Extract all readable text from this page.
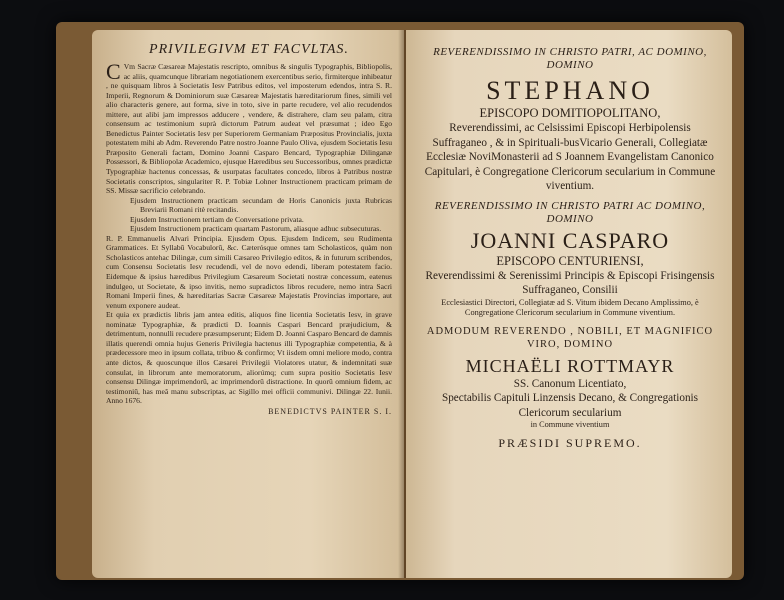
PRIVILEGIVM ET FACVLTAS.

C Vm Sacræ Cæsareæ Majestatis rescripto, omnibus & singulis Typographis, Bibliopolis, ac aliis, quamcunque librariam negotiationem exercentibus serio, firmiterque inhibeatur , ne quisquam libros à Societatis Iesv Patribus editos, vel imposterum edendos, intra S. R. Imperii, Regnorum & Dominiorum suæ Cæsareæ Majestatis hæreditariorum fines, simili vel alio characteris genere, aut forma, sive in toto, sive in parte recudere, vel alio recudendos mittere, aut alibi jam impressos adducere , vendere, & distrahere, clam seu palam, citra consensum ac testimonium suprà dictorum Patrum audeat vel præsumat ; ideo Ego Benedictus Painter Societatis Iesv per Superiorem Germaniam Præpositus Provincialis, juxta potestatem mihi ab Adm. Reverendo Patre nostro Joanne Paulo Oliva, ejusdem Societatis Iesu Præposito Generali factam, Domino Joanni Casparo Bencard, Typographiæ Dilinganæ Possessori, & Bibliopolæ Academico, ejusque Hæredibus seu Successoribus, omnes prædictæ Typographiæ hactenus concessas, & usurpatas facultates concedo, libros à Patribus nostræ Societatis conscriptos, singulariter R. P. Tobiæ Lohner Instructionem practicam primam de SS. Missæ sacrificio celebrando.

Ejusdem Instructionem practicam secundam de Horis Canonicis juxta Rubricas Breviarii Romani ritè recitandis.

Ejusdem Instructionem tertiam de Conversatione privata.

Ejusdem Instructionem practicam quartam Pastorum, aliasque adhuc subsecuturas.

R. P. Emmanuelis Alvari Principia. Ejusdem Opus. Ejusdem Indicem, seu Rudimenta Grammatices. Et Syllabū Vocabulorū, &c. Cæterósque omnes tam Scholasticos, quàm non Scholasticos antehac Dilingæ, cum simili Cæsareo Privilegio editos, & in futurum scribendos, cum Consensu Societatis Iesv recudendi, vel de novo edendi, liberam potestatem facio. Eidemque & ipsius hæredibus Privilegium Cæsareum Societati nostræ concessum, eatenus indulgeo, ut Societate, & ipso invitis, nemo supradictos libros recudere, nemo intra Sacri Romani Imperii fines, & hæreditarias Sacræ Cæsareæ Majestatis Provincias importare, aut venum exponere audeat.

Et quia ex prædictis libris jam antea editis, aliquos fine licentia Societatis Iesv, in grave nominatæ Typographiæ, & prædicti D. Ioannis Caspari Bencard præjudicium, & detrimentum, nonnulli recudere præsumpserunt; Eidem D. Joanni Casparo Bencard de damnis illatis querendi omnia hujus Generis Privilegia hactenus illi Typographiæ competentia, & à prædecessore meo in ipsum collata, tribuo & confirmo; Vt iisdem omni meliore modo, contra ante dictos, & quoscunque illos Cæsarei Privilegii Violatores utatur, & indemnitati suæ consulat, in librorum ante memoratorum, aliorúmq; cum supra positio Societatis Iesv consensu Dilingæ imprimendorū, ac imprimendorū distractione. In quorū omnium fidem, ac testimoniū, has meâ manu subscriptas, ac Sigillo mei officii communivi. Dilingæ 22. Iunii. Anno 1676.

BENEDICTVS PAINTER S. I.
REVERENDISSIMO IN CHRISTO PATRI, AC DOMINO, DOMINO
STEPHANO
EPISCOPO DOMITIOPOLITANO,
Reverendissimi, ac Celsissimi Episcopi Herbipolensis Suffraganeo , & in Spirituali-busVicario Generali, Collegiatæ Ecclesiæ NoviMonasterii ad S Joannem Evangelistam Canonico Capitulari, è Congregatione Clericorum secularium in Commune viventium.
REVERENDISSIMO IN CHRISTO PATRI AC DOMINO, DOMINO
JOANNI CASPARO
EPISCOPO CENTURIENSI,
Reverendissimi & Serenissimi Principis & Episcopi Frisingensis Suffraganeo, Consilii
Ecclesiastici Directori, Collegiatæ ad S. Vitum ibidem Decano Amplissimo, è Congregatione Clericorum secularium in Commune viventium.
ADMODUM REVERENDO , NOBILI, ET MAGNIFICO VIRO, DOMINO
MICHAËLI ROTTMAYR
SS. Canonum Licentiato,
Spectabilis Capituli Linzensis Decano, & Congregationis Clericorum secularium
in Commune viventium
PRÆSIDI SUPREMO.
